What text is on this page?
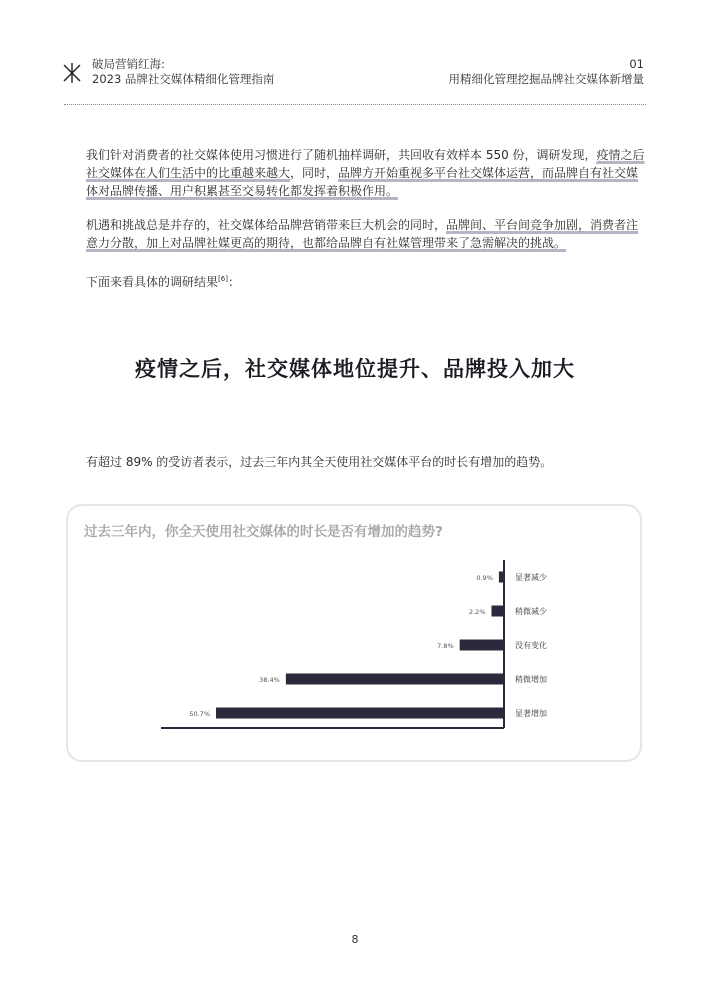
破局营销红海:
2023 品牌社交媒体精细化管理指南
01
用精细化管理挖掘品牌社交媒体新增量
我们针对消费者的社交媒体使用习惯进行了随机抽样调研，共回收有效样本 550 份，调研发现，疫情之后社交媒体在人们生活中的比重越来越大，同时，品牌方开始重视多平台社交媒体运营，而品牌自有社交媒体对品牌传播、用户积累甚至交易转化都发挥着积极作用。
机遇和挑战总是并存的，社交媒体给品牌营销带来巨大机会的同时，品牌间、平台间竞争加剧，消费者注意力分散，加上对品牌社媒更高的期待，也都给品牌自有社媒管理带来了急需解决的挑战。
下面来看具体的调研结果[6]：
疫情之后，社交媒体地位提升、品牌投入加大
有超过 89% 的受访者表示，过去三年内其全天使用社交媒体平台的时长有增加的趋势。
过去三年内，你全天使用社交媒体的时长是否有增加的趋势?
0.9%	显著减少
2.2%	稍微减少
7.8%	没有变化
38.4%	稍微增加
50.7%	显著增加
8
